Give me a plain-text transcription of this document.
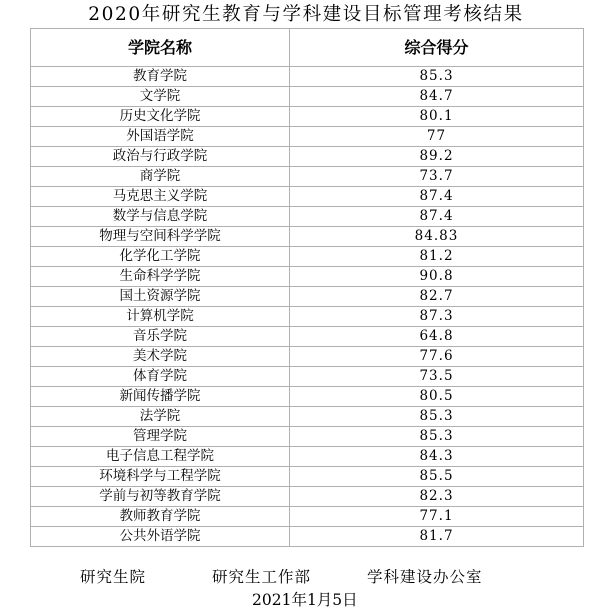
2020年研究生教育与学科建设目标管理考核结果
学院名称	综合得分
教育学院	85.3
文学院	84.7
历史文化学院	80.1
外国语学院	77
政治与行政学院	89.2
商学院	73.7
马克思主义学院	87.4
数学与信息学院	87.4
物理与空间科学学院	84.83
化学化工学院	81.2
生命科学学院	90.8
国土资源学院	82.7
计算机学院	87.3
音乐学院	64.8
美术学院	77.6
体育学院	73.5
新闻传播学院	80.5
法学院	85.3
管理学院	85.3
电子信息工程学院	84.3
环境科学与工程学院	85.5
学前与初等教育学院	82.3
教师教育学院	77.1
公共外语学院	81.7
研究生院	研究生工作部	学科建设办公室
2021年1月5日
